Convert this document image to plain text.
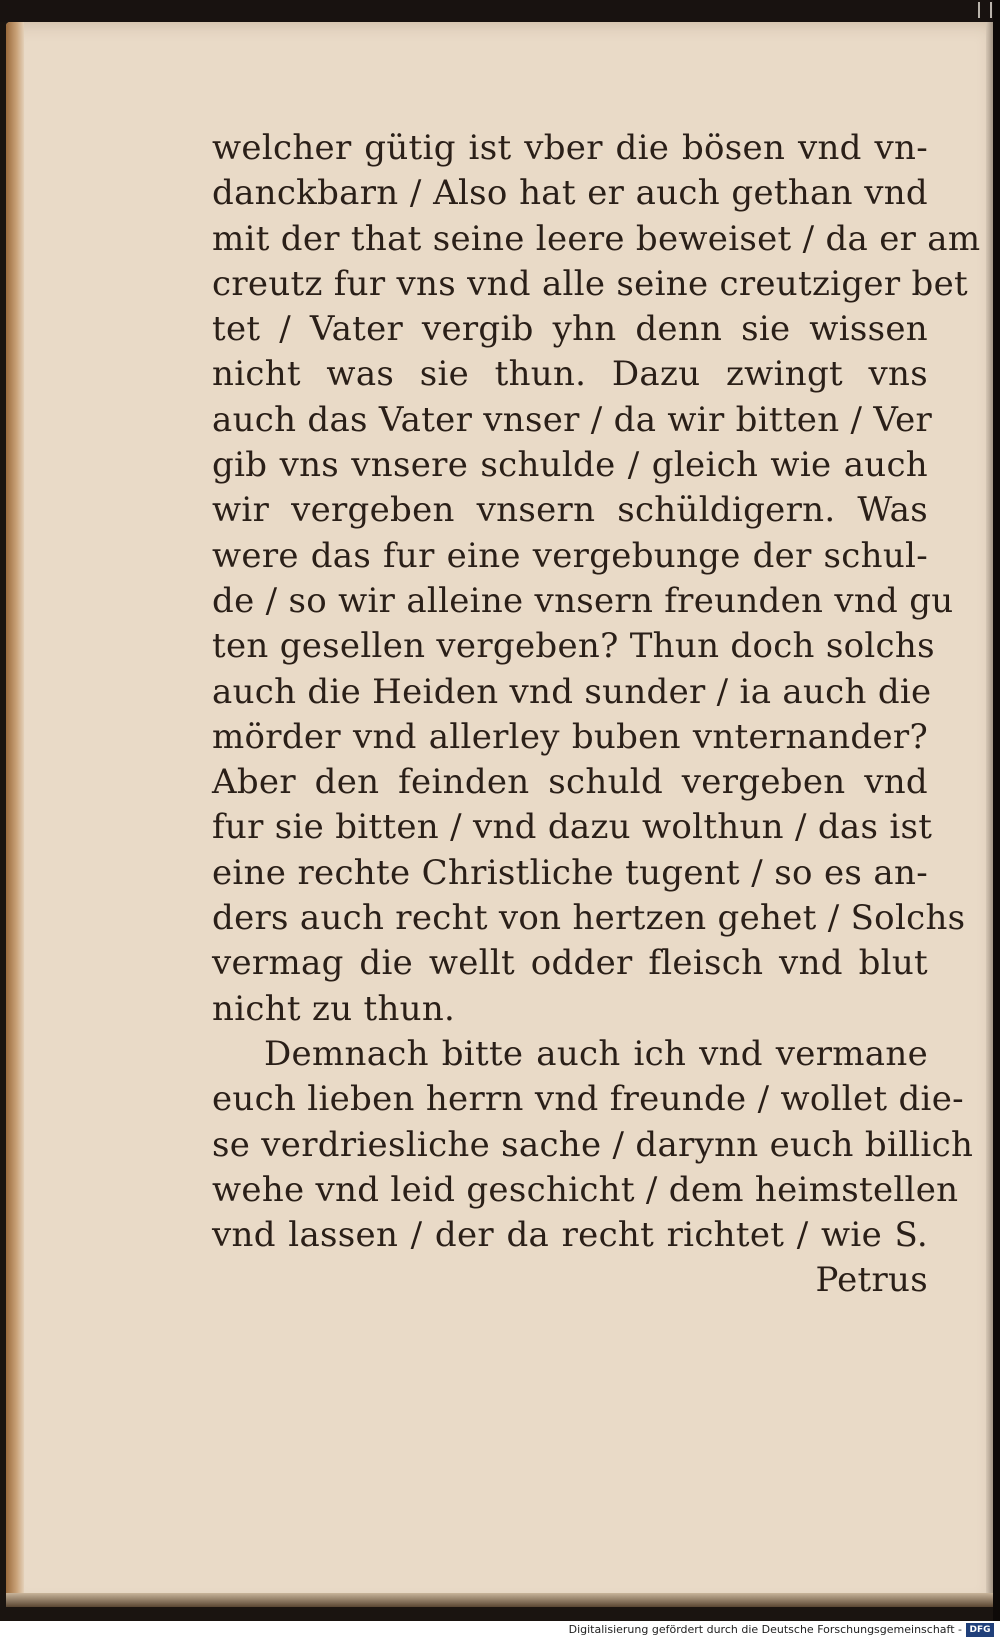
welcher gütig ist vber die bösen vnd vn-
danckbarn / Also hat er auch gethan vnd
mit der that seine leere beweiset / da er am
creutz fur vns vnd alle seine creutziger bet
tet / Vater vergib yhn denn sie wissen
nicht was sie thun. Dazu zwingt vns
auch das Vater vnser / da wir bitten / Ver
gib vns vnsere schulde / gleich wie auch
wir vergeben vnsern schüldigern. Was
were das fur eine vergebunge der schul-
de / so wir alleine vnsern freunden vnd gu
ten gesellen vergeben? Thun doch solchs
auch die Heiden vnd sunder / ia auch die
mörder vnd allerley buben vnternander?
Aber den feinden schuld vergeben vnd
fur sie bitten / vnd dazu wolthun / das ist
eine rechte Christliche tugent / so es an-
ders auch recht von hertzen gehet / Solchs
vermag die wellt odder fleisch vnd blut
nicht zu thun.
Demnach bitte auch ich vnd vermane
euch lieben herrn vnd freunde / wollet die-
se verdriesliche sache / darynn euch billich
wehe vnd leid geschicht / dem heimstellen
vnd lassen / der da recht richtet / wie S.
Petrus
Digitalisierung gefördert durch die Deutsche Forschungsgemeinschaft - DFG
